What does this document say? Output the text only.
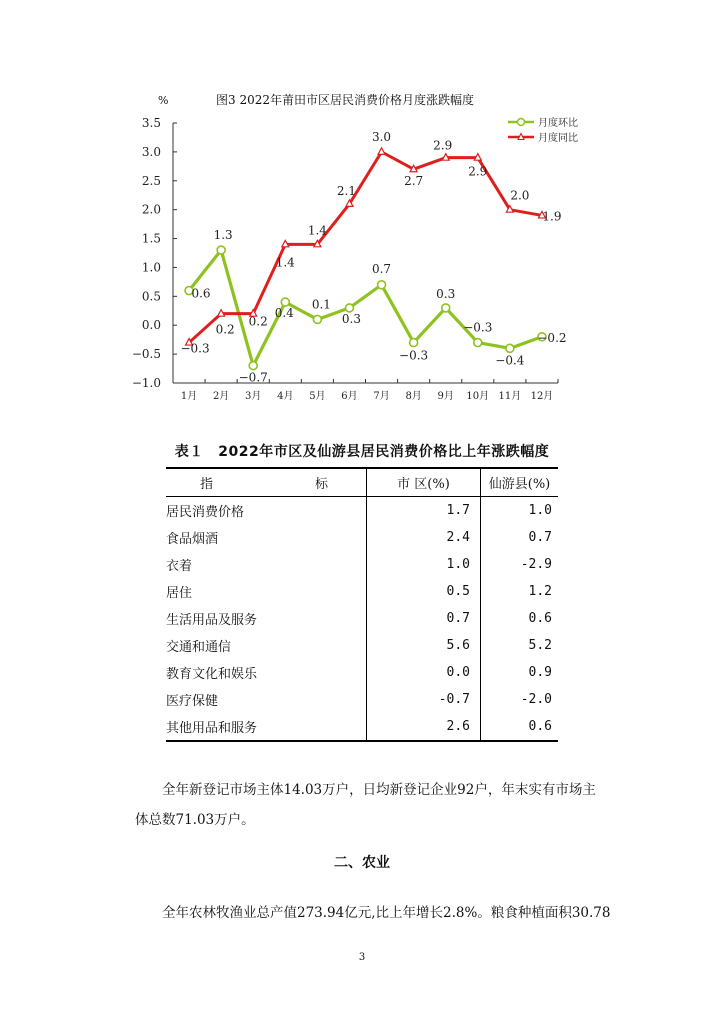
图3 2022年莆田市区居民消费价格月度涨跌幅度
%
3.5
3.0
2.5
2.0
1.5
1.0
0.5
0.0
−0.5
−1.0
1月 2月 3月 4月 5月 6月 7月 8月 9月 10月 11月 12月
0.6
1.3
−0.7
0.4
0.1
0.3
0.7
−0.3
0.3
−0.3
−0.4
−0.2
−0.3
0.2
0.2
1.4
1.4
2.1
3.0
2.7
2.9
2.9
2.0
1.9
月度环比
月度同比
表１　2022年市区及仙游县居民消费价格比上年涨跌幅度
指 标	市 区(%)	仙游县(%)
居民消费价格	1.7	1.0
食品烟酒	2.4	0.7
衣着	1.0	-2.9
居住	0.5	1.2
生活用品及服务	0.7	0.6
交通和通信	5.6	5.2
教育文化和娱乐	0.0	0.9
医疗保健	-0.7	-2.0
其他用品和服务	2.6	0.6
全年新登记市场主体14.03万户，日均新登记企业92户，年末实有市场主体总数71.03万户。
二、农业
全年农林牧渔业总产值273.94亿元,比上年增长2.8%。粮食种植面积30.78
3
